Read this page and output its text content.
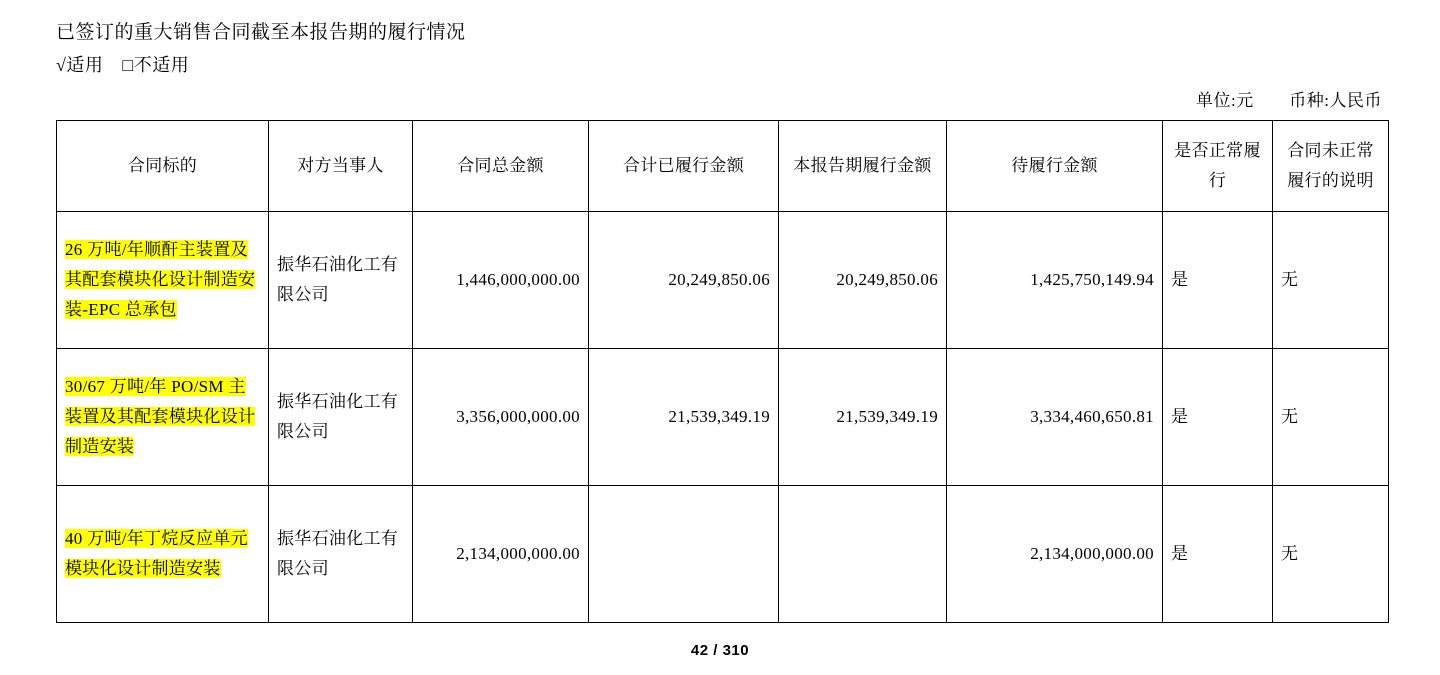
已签订的重大销售合同截至本报告期的履行情况
√适用 □不适用
单位:元 币种:人民币
合同标的	对方当事人	合同总金额	合计已履行金额	本报告期履行金额	待履行金额	是否正常履行	合同未正常履行的说明
26 万吨/年顺酐主装置及其配套模块化设计制造安装-EPC 总承包	振华石油化工有限公司	1,446,000,000.00	20,249,850.06	20,249,850.06	1,425,750,149.94	是	无
30/67 万吨/年 PO/SM 主装置及其配套模块化设计制造安装	振华石油化工有限公司	3,356,000,000.00	21,539,349.19	21,539,349.19	3,334,460,650.81	是	无
40 万吨/年丁烷反应单元模块化设计制造安装	振华石油化工有限公司	2,134,000,000.00			2,134,000,000.00	是	无
42 / 310
